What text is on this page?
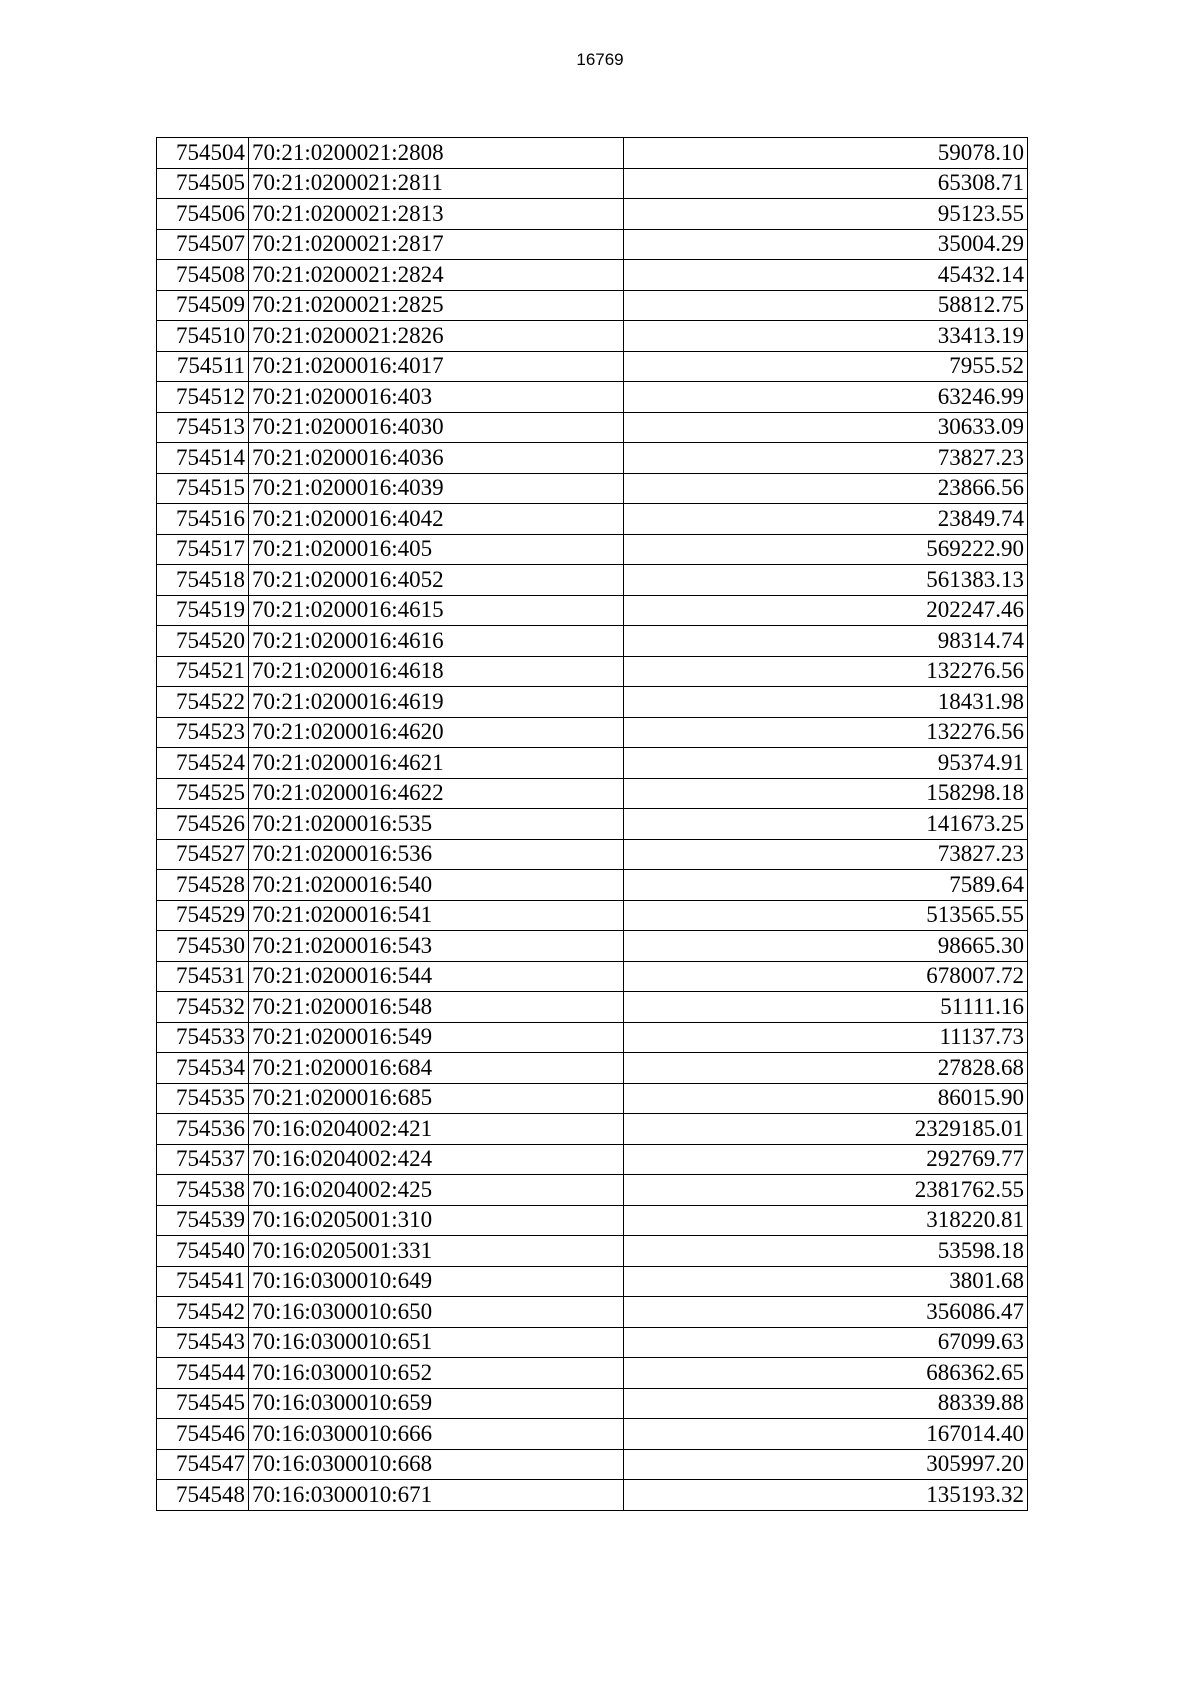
16769
754504	70:21:0200021:2808	59078.10
754505	70:21:0200021:2811	65308.71
754506	70:21:0200021:2813	95123.55
754507	70:21:0200021:2817	35004.29
754508	70:21:0200021:2824	45432.14
754509	70:21:0200021:2825	58812.75
754510	70:21:0200021:2826	33413.19
754511	70:21:0200016:4017	7955.52
754512	70:21:0200016:403	63246.99
754513	70:21:0200016:4030	30633.09
754514	70:21:0200016:4036	73827.23
754515	70:21:0200016:4039	23866.56
754516	70:21:0200016:4042	23849.74
754517	70:21:0200016:405	569222.90
754518	70:21:0200016:4052	561383.13
754519	70:21:0200016:4615	202247.46
754520	70:21:0200016:4616	98314.74
754521	70:21:0200016:4618	132276.56
754522	70:21:0200016:4619	18431.98
754523	70:21:0200016:4620	132276.56
754524	70:21:0200016:4621	95374.91
754525	70:21:0200016:4622	158298.18
754526	70:21:0200016:535	141673.25
754527	70:21:0200016:536	73827.23
754528	70:21:0200016:540	7589.64
754529	70:21:0200016:541	513565.55
754530	70:21:0200016:543	98665.30
754531	70:21:0200016:544	678007.72
754532	70:21:0200016:548	51111.16
754533	70:21:0200016:549	11137.73
754534	70:21:0200016:684	27828.68
754535	70:21:0200016:685	86015.90
754536	70:16:0204002:421	2329185.01
754537	70:16:0204002:424	292769.77
754538	70:16:0204002:425	2381762.55
754539	70:16:0205001:310	318220.81
754540	70:16:0205001:331	53598.18
754541	70:16:0300010:649	3801.68
754542	70:16:0300010:650	356086.47
754543	70:16:0300010:651	67099.63
754544	70:16:0300010:652	686362.65
754545	70:16:0300010:659	88339.88
754546	70:16:0300010:666	167014.40
754547	70:16:0300010:668	305997.20
754548	70:16:0300010:671	135193.32
